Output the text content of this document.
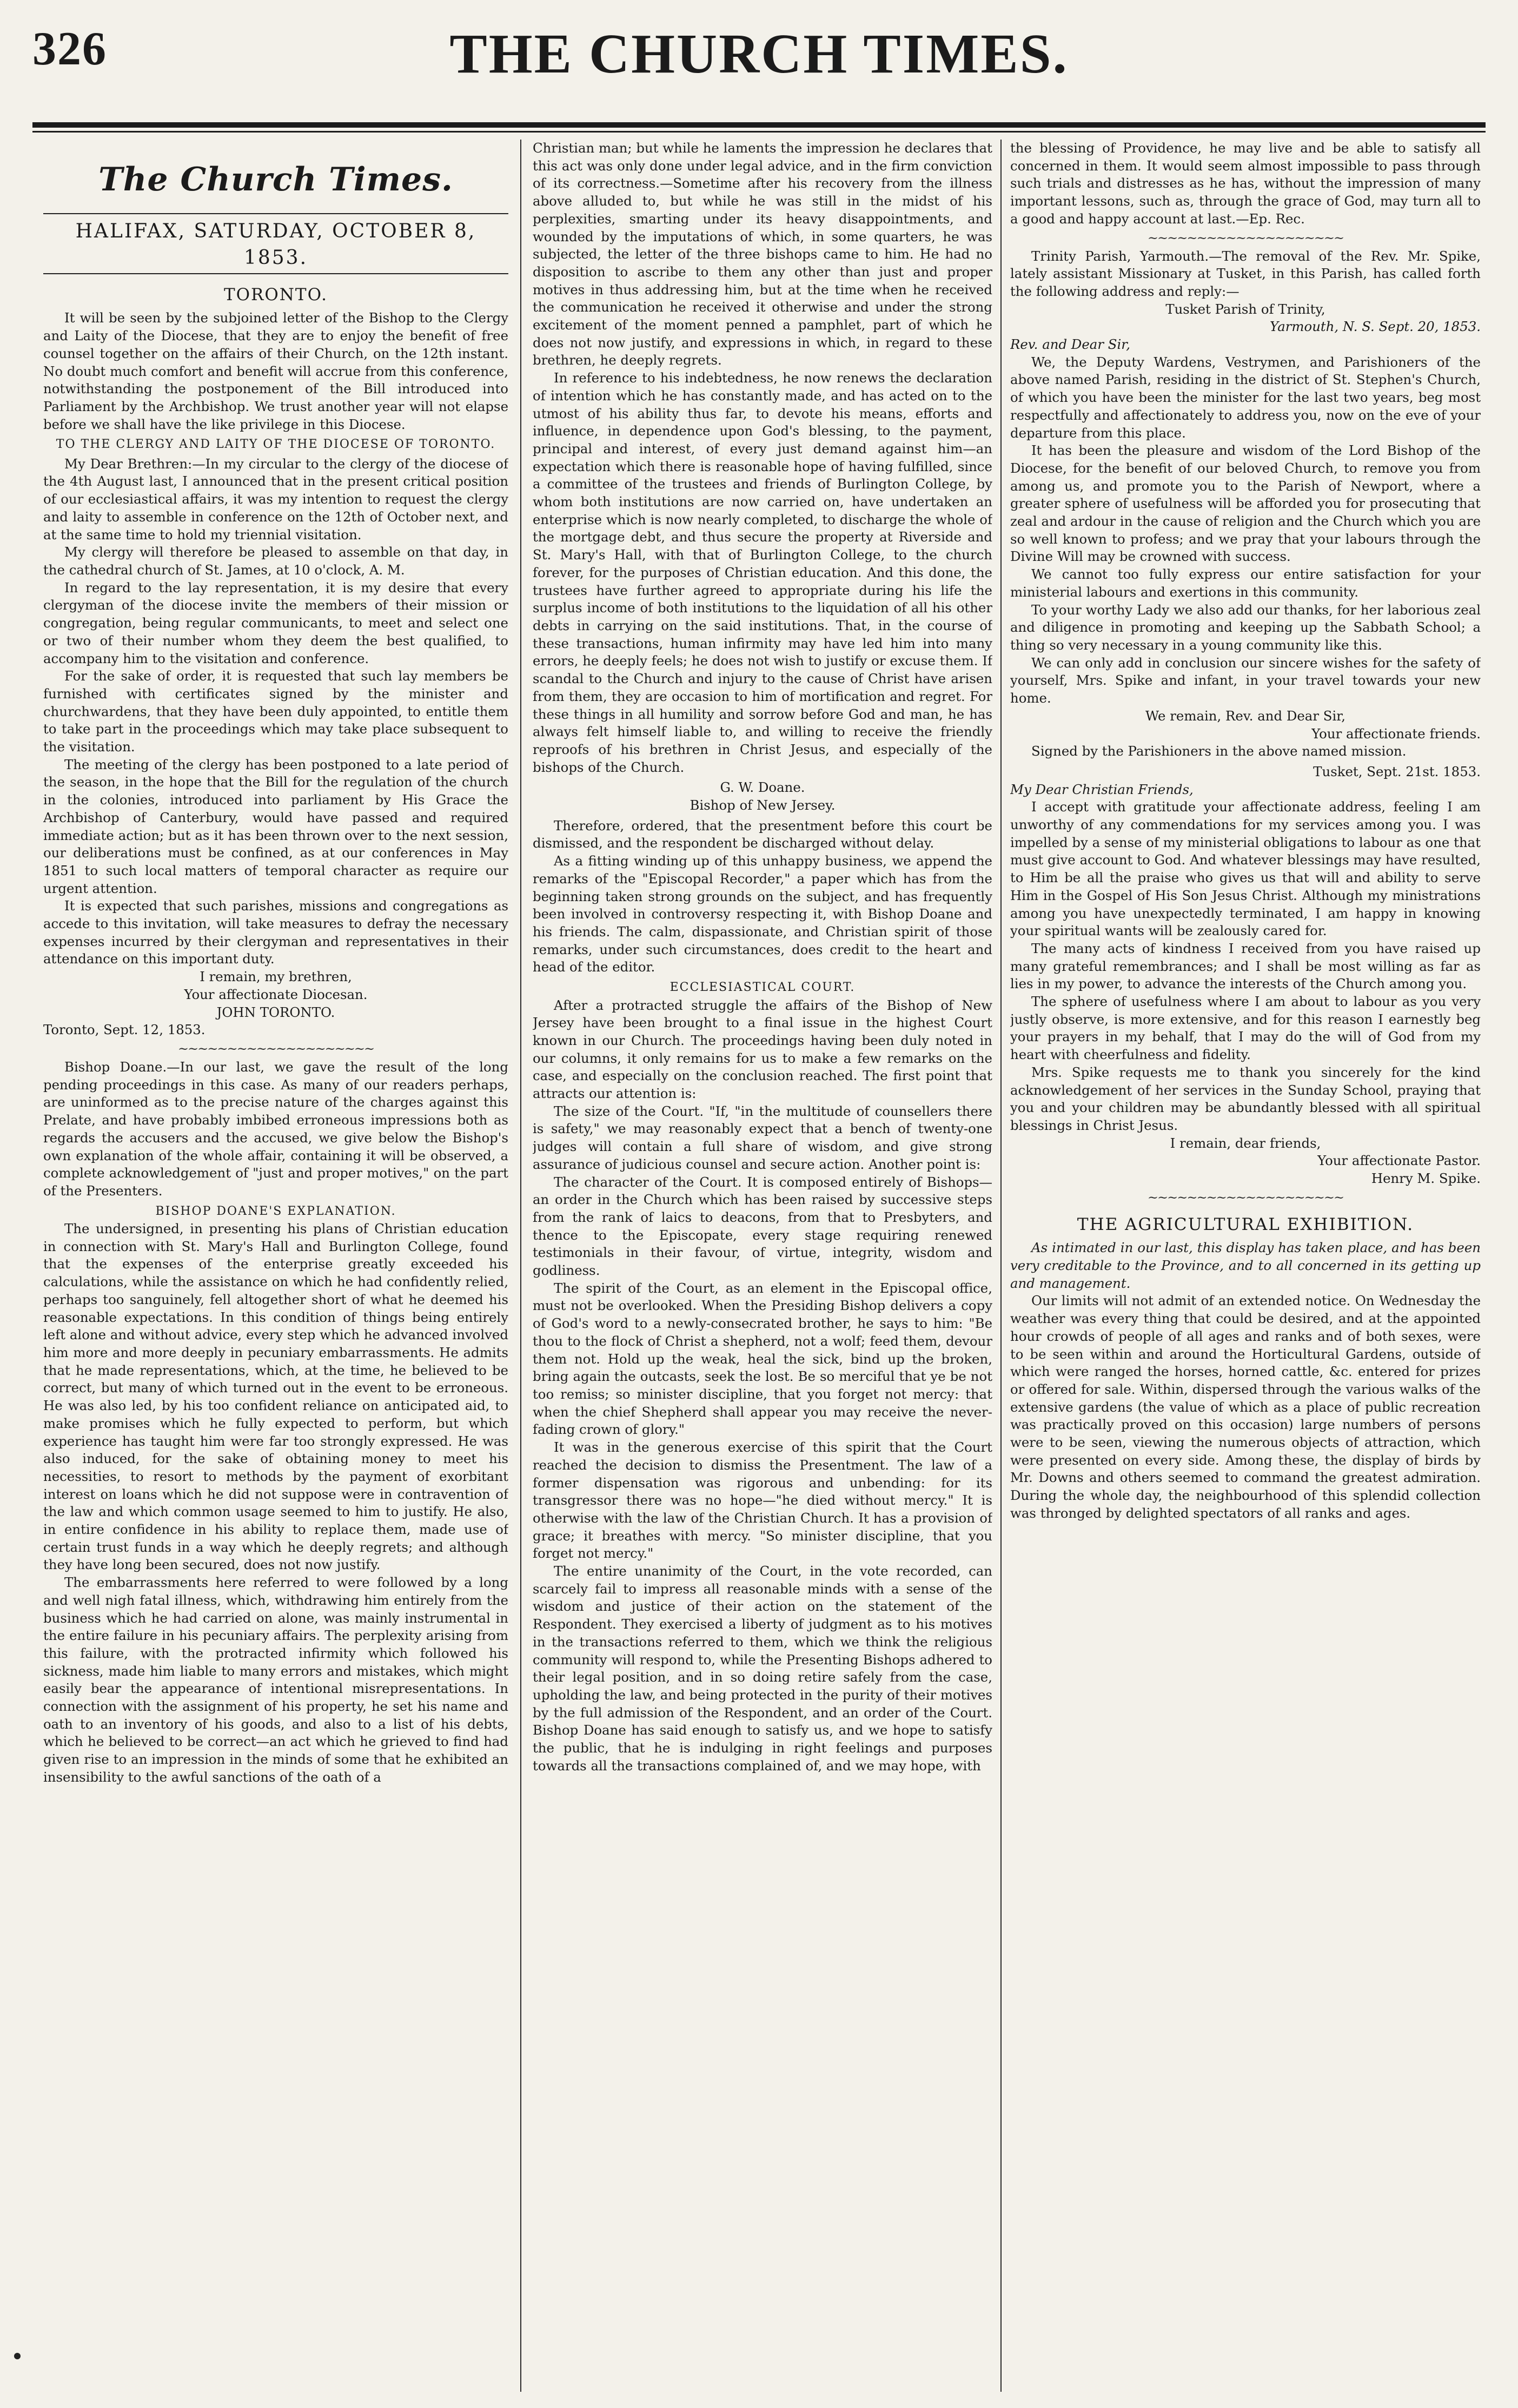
326	THE CHURCH TIMES.
The Church Times.
HALIFAX, SATURDAY, OCTOBER 8, 1853.
TORONTO.

It will be seen by the subjoined letter of the Bishop to the Clergy and Laity of the Diocese, that they are to enjoy the benefit of free counsel together on the affairs of their Church, on the 12th instant. No doubt much comfort and benefit will accrue from this conference, notwithstanding the postponement of the Bill introduced into Parliament by the Archbishop. We trust another year will not elapse before we shall have the like privilege in this Diocese.

TO THE CLERGY AND LAITY OF THE DIOCESE OF TORONTO.

My Dear Brethren:—In my circular to the clergy of the diocese of the 4th August last, I announced that in the present critical position of our ecclesiastical affairs, it was my intention to request the clergy and laity to assemble in conference on the 12th of October next, and at the same time to hold my triennial visitation.

My clergy will therefore be pleased to assemble on that day, in the cathedral church of St. James, at 10 o'clock, A. M.

In regard to the lay representation, it is my desire that every clergyman of the diocese invite the members of their mission or congregation, being regular communicants, to meet and select one or two of their number whom they deem the best qualified, to accompany him to the visitation and conference.

For the sake of order, it is requested that such lay members be furnished with certificates signed by the minister and churchwardens, that they have been duly appointed, to entitle them to take part in the proceedings which may take place subsequent to the visitation.

The meeting of the clergy has been postponed to a late period of the season, in the hope that the Bill for the regulation of the church in the colonies, introduced into parliament by His Grace the Archbishop of Canterbury, would have passed and required immediate action; but as it has been thrown over to the next session, our deliberations must be confined, as at our conferences in May 1851 to such local matters of temporal character as require our urgent attention.

It is expected that such parishes, missions and congregations as accede to this invitation, will take measures to defray the necessary expenses incurred by their clergyman and representatives in their attendance on this important duty.

I remain, my brethren,

Your affectionate Diocesan.

JOHN TORONTO.

Toronto, Sept. 12, 1853.

~~~~~~~~~~~~~~~~~~~~

Bishop Doane.—In our last, we gave the result of the long pending proceedings in this case. As many of our readers perhaps, are uninformed as to the precise nature of the charges against this Prelate, and have probably imbibed erroneous impressions both as regards the accusers and the accused, we give below the Bishop's own explanation of the whole affair, containing it will be observed, a complete acknowledgement of "just and proper motives," on the part of the Presenters.

BISHOP DOANE'S EXPLANATION.

The undersigned, in presenting his plans of Christian education in connection with St. Mary's Hall and Burlington College, found that the expenses of the enterprise greatly exceeded his calculations, while the assistance on which he had confidently relied, perhaps too sanguinely, fell altogether short of what he deemed his reasonable expectations. In this condition of things being entirely left alone and without advice, every step which he advanced involved him more and more deeply in pecuniary embarrassments. He admits that he made representations, which, at the time, he believed to be correct, but many of which turned out in the event to be erroneous. He was also led, by his too confident reliance on anticipated aid, to make promises which he fully expected to perform, but which experience has taught him were far too strongly expressed. He was also induced, for the sake of obtaining money to meet his necessities, to resort to methods by the payment of exorbitant interest on loans which he did not suppose were in contravention of the law and which common usage seemed to him to justify. He also, in entire confidence in his ability to replace them, made use of certain trust funds in a way which he deeply regrets; and although they have long been secured, does not now justify.

The embarrassments here referred to were followed by a long and well nigh fatal illness, which, withdrawing him entirely from the business which he had carried on alone, was mainly instrumental in the entire failure in his pecuniary affairs. The perplexity arising from this failure, with the protracted infirmity which followed his sickness, made him liable to many errors and mistakes, which might easily bear the appearance of intentional misrepresentations. In connection with the assignment of his property, he set his name and oath to an inventory of his goods, and also to a list of his debts, which he believed to be correct—an act which he grieved to find had given rise to an impression in the minds of some that he exhibited an insensibility to the awful sanctions of the oath of a

Christian man; but while he laments the impression he declares that this act was only done under legal advice, and in the firm conviction of its correctness.—Sometime after his recovery from the illness above alluded to, but while he was still in the midst of his perplexities, smarting under its heavy disappointments, and wounded by the imputations of which, in some quarters, he was subjected, the letter of the three bishops came to him. He had no disposition to ascribe to them any other than just and proper motives in thus addressing him, but at the time when he received the communication he received it otherwise and under the strong excitement of the moment penned a pamphlet, part of which he does not now justify, and expressions in which, in regard to these brethren, he deeply regrets.

In reference to his indebtedness, he now renews the declaration of intention which he has constantly made, and has acted on to the utmost of his ability thus far, to devote his means, efforts and influence, in dependence upon God's blessing, to the payment, principal and interest, of every just demand against him—an expectation which there is reasonable hope of having fulfilled, since a committee of the trustees and friends of Burlington College, by whom both institutions are now carried on, have undertaken an enterprise which is now nearly completed, to discharge the whole of the mortgage debt, and thus secure the property at Riverside and St. Mary's Hall, with that of Burlington College, to the church forever, for the purposes of Christian education. And this done, the trustees have further agreed to appropriate during his life the surplus income of both institutions to the liquidation of all his other debts in carrying on the said institutions. That, in the course of these transactions, human infirmity may have led him into many errors, he deeply feels; he does not wish to justify or excuse them. If scandal to the Church and injury to the cause of Christ have arisen from them, they are occasion to him of mortification and regret. For these things in all humility and sorrow before God and man, he has always felt himself liable to, and willing to receive the friendly reproofs of his brethren in Christ Jesus, and especially of the bishops of the Church.

G. W. Doane.

Bishop of New Jersey.

Therefore, ordered, that the presentment before this court be dismissed, and the respondent be discharged without delay.

As a fitting winding up of this unhappy business, we append the remarks of the "Episcopal Recorder," a paper which has from the beginning taken strong grounds on the subject, and has frequently been involved in controversy respecting it, with Bishop Doane and his friends. The calm, dispassionate, and Christian spirit of those remarks, under such circumstances, does credit to the heart and head of the editor.

ECCLESIASTICAL COURT.

After a protracted struggle the affairs of the Bishop of New Jersey have been brought to a final issue in the highest Court known in our Church. The proceedings having been duly noted in our columns, it only remains for us to make a few remarks on the case, and especially on the conclusion reached. The first point that attracts our attention is:

The size of the Court. "If, "in the multitude of counsellers there is safety," we may reasonably expect that a bench of twenty-one judges will contain a full share of wisdom, and give strong assurance of judicious counsel and secure action. Another point is:

The character of the Court. It is composed entirely of Bishops—an order in the Church which has been raised by successive steps from the rank of laics to deacons, from that to Presbyters, and thence to the Episcopate, every stage requiring renewed testimonials in their favour, of virtue, integrity, wisdom and godliness.

The spirit of the Court, as an element in the Episcopal office, must not be overlooked. When the Presiding Bishop delivers a copy of God's word to a newly-consecrated brother, he says to him: "Be thou to the flock of Christ a shepherd, not a wolf; feed them, devour them not. Hold up the weak, heal the sick, bind up the broken, bring again the outcasts, seek the lost. Be so merciful that ye be not too remiss; so minister discipline, that you forget not mercy: that when the chief Shepherd shall appear you may receive the never-fading crown of glory."

It was in the generous exercise of this spirit that the Court reached the decision to dismiss the Presentment. The law of a former dispensation was rigorous and unbending: for its transgressor there was no hope—"he died without mercy." It is otherwise with the law of the Christian Church. It has a provision of grace; it breathes with mercy. "So minister discipline, that you forget not mercy."

The entire unanimity of the Court, in the vote recorded, can scarcely fail to impress all reasonable minds with a sense of the wisdom and justice of their action on the statement of the Respondent. They exercised a liberty of judgment as to his motives in the transactions referred to them, which we think the religious community will respond to, while the Presenting Bishops adhered to their legal position, and in so doing retire safely from the case, upholding the law, and being protected in the purity of their motives by the full admission of the Respondent, and an order of the Court. Bishop Doane has said enough to satisfy us, and we hope to satisfy the public, that he is indulging in right feelings and purposes towards all the transactions complained of, and we may hope, with

the blessing of Providence, he may live and be able to satisfy all concerned in them. It would seem almost impossible to pass through such trials and distresses as he has, without the impression of many important lessons, such as, through the grace of God, may turn all to a good and happy account at last.—Ep. Rec.

~~~~~~~~~~~~~~~~~~~~

Trinity Parish, Yarmouth.—The removal of the Rev. Mr. Spike, lately assistant Missionary at Tusket, in this Parish, has called forth the following address and reply:—

Tusket Parish of Trinity,

Yarmouth, N. S. Sept. 20, 1853.

Rev. and Dear Sir,

We, the Deputy Wardens, Vestrymen, and Parishioners of the above named Parish, residing in the district of St. Stephen's Church, of which you have been the minister for the last two years, beg most respectfully and affectionately to address you, now on the eve of your departure from this place.

It has been the pleasure and wisdom of the Lord Bishop of the Diocese, for the benefit of our beloved Church, to remove you from among us, and promote you to the Parish of Newport, where a greater sphere of usefulness will be afforded you for prosecuting that zeal and ardour in the cause of religion and the Church which you are so well known to profess; and we pray that your labours through the Divine Will may be crowned with success.

We cannot too fully express our entire satisfaction for your ministerial labours and exertions in this community.

To your worthy Lady we also add our thanks, for her laborious zeal and diligence in promoting and keeping up the Sabbath School; a thing so very necessary in a young community like this.

We can only add in conclusion our sincere wishes for the safety of yourself, Mrs. Spike and infant, in your travel towards your new home.

We remain, Rev. and Dear Sir,

Your affectionate friends.

Signed by the Parishioners in the above named mission.

Tusket, Sept. 21st. 1853.

My Dear Christian Friends,

I accept with gratitude your affectionate address, feeling I am unworthy of any commendations for my services among you. I was impelled by a sense of my ministerial obligations to labour as one that must give account to God. And whatever blessings may have resulted, to Him be all the praise who gives us that will and ability to serve Him in the Gospel of His Son Jesus Christ. Although my ministrations among you have unexpectedly terminated, I am happy in knowing your spiritual wants will be zealously cared for.

The many acts of kindness I received from you have raised up many grateful remembrances; and I shall be most willing as far as lies in my power, to advance the interests of the Church among you.

The sphere of usefulness where I am about to labour as you very justly observe, is more extensive, and for this reason I earnestly beg your prayers in my behalf, that I may do the will of God from my heart with cheerfulness and fidelity.

Mrs. Spike requests me to thank you sincerely for the kind acknowledgement of her services in the Sunday School, praying that you and your children may be abundantly blessed with all spiritual blessings in Christ Jesus.

I remain, dear friends,

Your affectionate Pastor.

Henry M. Spike.

~~~~~~~~~~~~~~~~~~~~
THE AGRICULTURAL EXHIBITION.

As intimated in our last, this display has taken place, and has been very creditable to the Province, and to all concerned in its getting up and management.

Our limits will not admit of an extended notice. On Wednesday the weather was every thing that could be desired, and at the appointed hour crowds of people of all ages and ranks and of both sexes, were to be seen within and around the Horticultural Gardens, outside of which were ranged the horses, horned cattle, &c. entered for prizes or offered for sale. Within, dispersed through the various walks of the extensive gardens (the value of which as a place of public recreation was practically proved on this occasion) large numbers of persons were to be seen, viewing the numerous objects of attraction, which were presented on every side. Among these, the display of birds by Mr. Downs and others seemed to command the greatest admiration. During the whole day, the neighbourhood of this splendid collection was thronged by delighted spectators of all ranks and ages.
